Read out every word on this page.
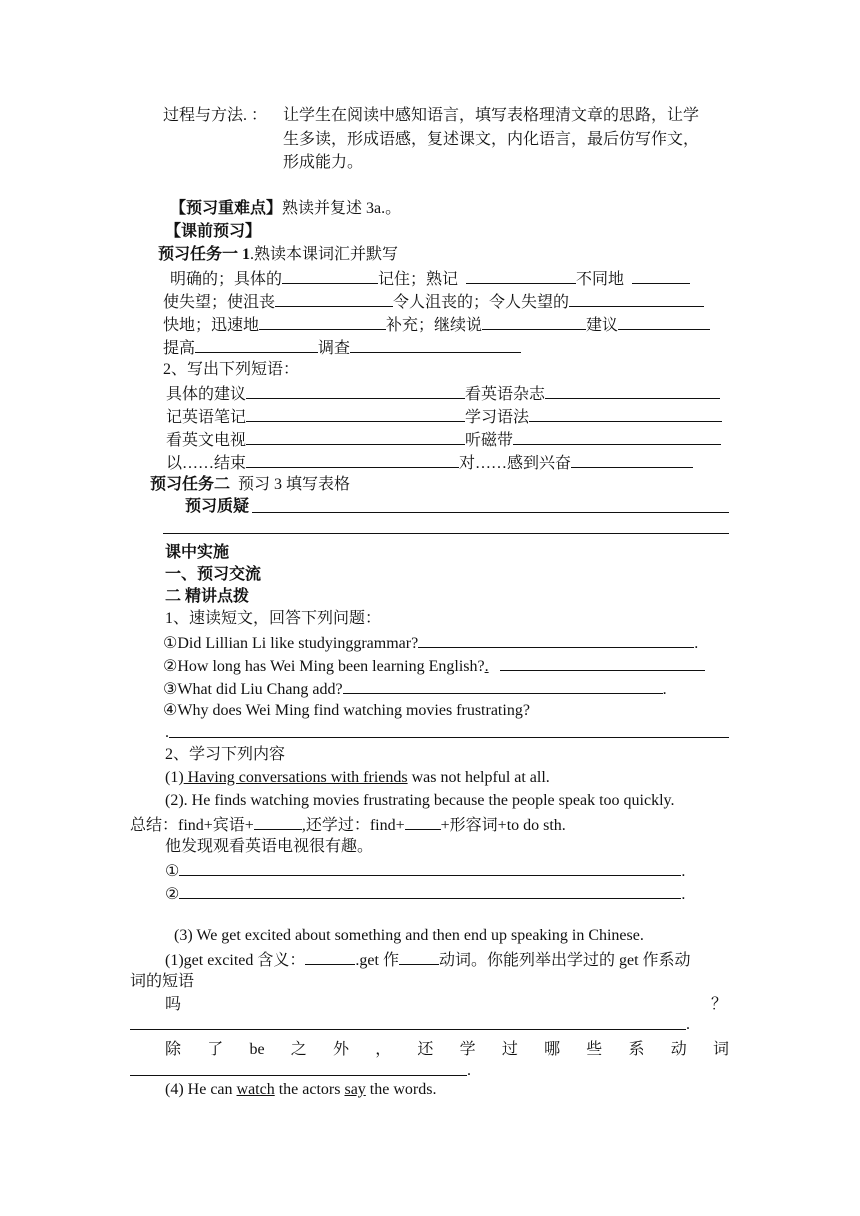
过程与方法. ： 让学生在阅读中感知语言，填写表格理清文章的思路，让学
生多读，形成语感，复述课文，内化语言，最后仿写作文，
形成能力。
【预习重难点】熟读并复述 3a.。
【课前预习】
预习任务一 1.熟读本课词汇并默写
明确的；具体的	记住；熟记	不同地
使失望；使沮丧	令人沮丧的；令人失望的
快地；迅速地	补充；继续说	建议
提高	调查
2、写出下列短语：
具体的建议	看英语杂志
记英语笔记	学习语法
看英文电视	听磁带
以……结束	对……感到兴奋
预习任务二 预习 3 填写表格
预习质疑
课中实施
一、预习交流
二 精讲点拨
1、速读短文，回答下列问题：
①Did Lillian Li like studyinggrammar?	.
②How long has Wei Ming been learning English?.
③What did Liu Chang add?	.
④Why does Wei Ming find watching movies frustrating?
.
2、学习下列内容
(1) Having conversations with friends was not helpful at all.
(2). He finds watching movies frustrating because the people speak too quickly.
总结：find+宾语+	,还学过：find+ +形容词+to do sth.
他发现观看英语电视很有趣。
①	.
②	.
(3) We get excited about something and then end up speaking in Chinese.
(1)get excited 含义：	.get 作	动词。你能列举出学过的 get 作系动
词的短语
吗	？
.
除 了 be 之 外 ， 还 学 过 哪 些 系 动 词
.
(4) He can watch the actors say the words.
